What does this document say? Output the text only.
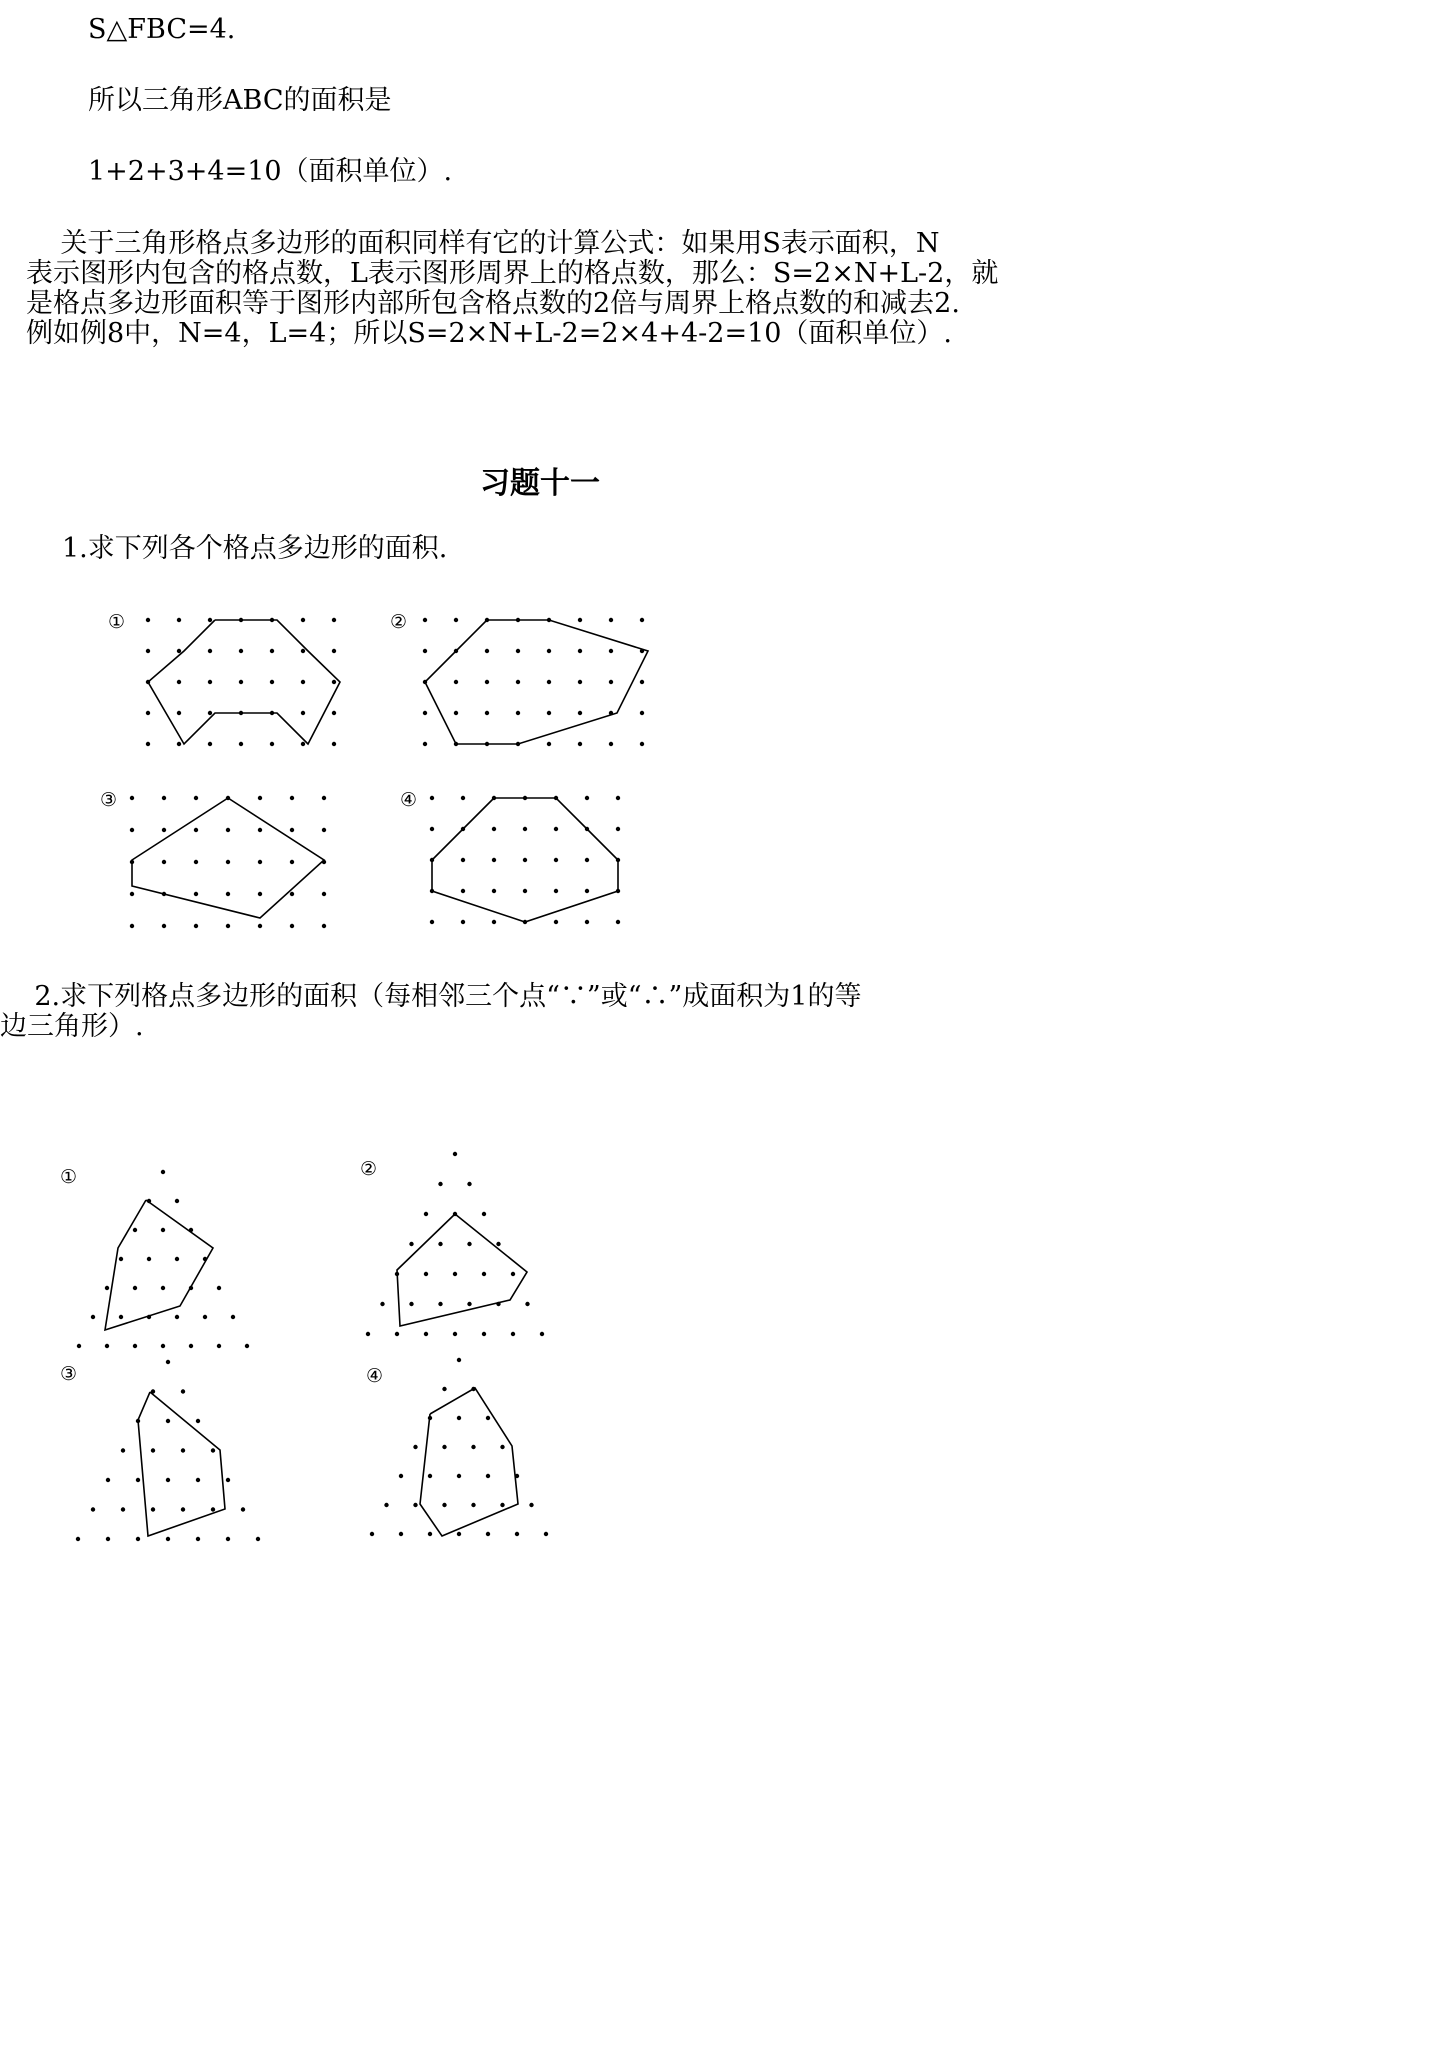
S△FBC=4.
所以三角形ABC的面积是
1+2+3+4=10（面积单位）.
关于三角形格点多边形的面积同样有它的计算公式：如果用S表示面积，N
表示图形内包含的格点数，L表示图形周界上的格点数，那么：S=2×N+L-2，就
是格点多边形面积等于图形内部所包含格点数的2倍与周界上格点数的和减去2.
例如例8中，N=4，L=4；所以S=2×N+L-2=2×4+4-2=10（面积单位）.
习题十一
1.求下列各个格点多边形的面积.
①	②
③	④
2.求下列格点多边形的面积（每相邻三个点“∵”或“∴”成面积为1的等
边三角形）.
①	②
③	④
